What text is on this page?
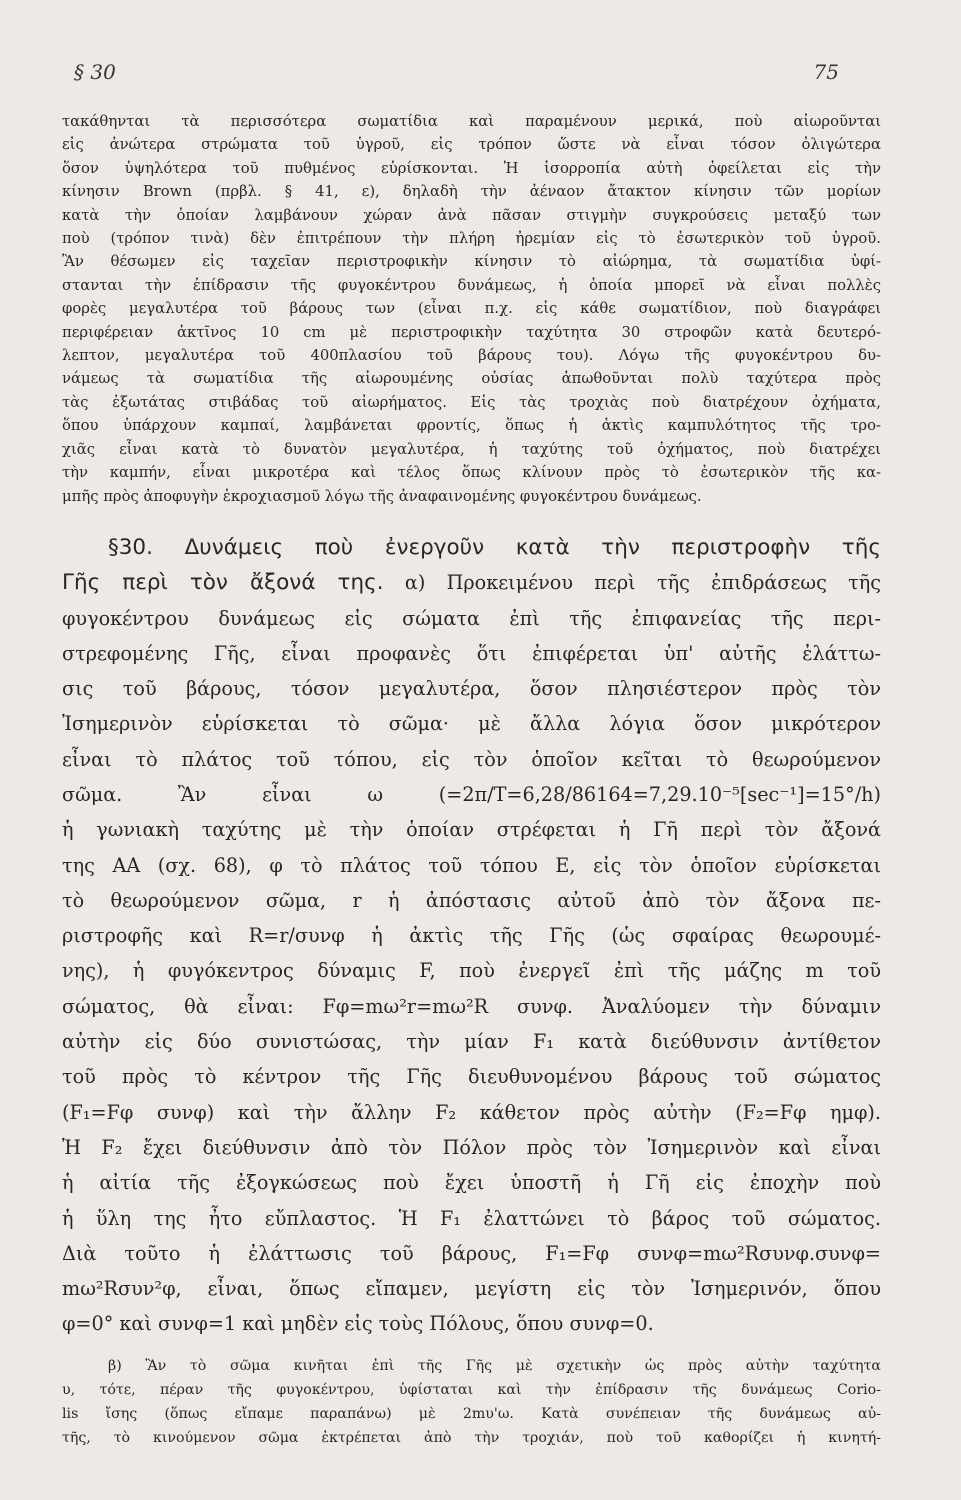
§ 30	75
τακάθηνται τὰ περισσότερα σωματίδια καὶ παραμένουν μερικά, ποὺ αἰωροῦνται
εἰς ἀνώτερα στρώματα τοῦ ὑγροῦ, εἰς τρόπον ὥστε νὰ εἶναι τόσον ὀλιγώτερα
ὅσον ὑψηλότερα τοῦ πυθμένος εὑρίσκονται. Ἡ ἰσορροπία αὐτὴ ὀφείλεται εἰς τὴν
κίνησιν Brown (πρβλ. § 41, ε), δηλαδὴ τὴν ἀέναον ἄτακτον κίνησιν τῶν μορίων
κατὰ τὴν ὁποίαν λαμβάνουν χώραν ἀνὰ πᾶσαν στιγμὴν συγκρούσεις μεταξύ των
ποὺ (τρόπον τινὰ) δὲν ἐπιτρέπουν τὴν πλήρη ἠρεμίαν εἰς τὸ ἐσωτερικὸν τοῦ ὑγροῦ.
Ἂν θέσωμεν εἰς ταχεῖαν περιστροφικὴν κίνησιν τὸ αἰώρημα, τὰ σωματίδια ὑφί-
στανται τὴν ἐπίδρασιν τῆς φυγοκέντρου δυνάμεως, ἡ ὁποία μπορεῖ νὰ εἶναι πολλὲς
φορὲς μεγαλυτέρα τοῦ βάρους των (εἶναι π.χ. εἰς κάθε σωματίδιον, ποὺ διαγράφει
περιφέρειαν ἀκτῖνος 10 cm μὲ περιστροφικὴν ταχύτητα 30 στροφῶν κατὰ δευτερό-
λεπτον, μεγαλυτέρα τοῦ 400πλασίου τοῦ βάρους του). Λόγω τῆς φυγοκέντρου δυ-
νάμεως τὰ σωματίδια τῆς αἰωρουμένης οὐσίας ἀπωθοῦνται πολὺ ταχύτερα πρὸς
τὰς ἐξωτάτας στιβάδας τοῦ αἰωρήματος. Εἰς τὰς τροχιὰς ποὺ διατρέχουν ὀχήματα,
ὅπου ὑπάρχουν καμπαί, λαμβάνεται φροντίς, ὅπως ἡ ἀκτὶς καμπυλότητος τῆς τρο-
χιᾶς εἶναι κατὰ τὸ δυνατὸν μεγαλυτέρα, ἡ ταχύτης τοῦ ὀχήματος, ποὺ διατρέχει
τὴν καμπήν, εἶναι μικροτέρα καὶ τέλος ὅπως κλίνουν πρὸς τὸ ἐσωτερικὸν τῆς κα-
μπῆς πρὸς ἀποφυγὴν ἐκροχιασμοῦ λόγω τῆς ἀναφαινομένης φυγοκέντρου δυνάμεως.
§30. Δυνάμεις ποὺ ἐνεργοῦν κατὰ τὴν περιστροφὴν τῆς
Γῆς περὶ τὸν ἄξονά της. α) Προκειμένου περὶ τῆς ἐπιδράσεως τῆς
φυγοκέντρου δυνάμεως εἰς σώματα ἐπὶ τῆς ἐπιφανείας τῆς περι-
στρεφομένης Γῆς, εἶναι προφανὲς ὅτι ἐπιφέρεται ὑπ' αὐτῆς ἐλάττω-
σις τοῦ βάρους, τόσον μεγαλυτέρα, ὅσον πλησιέστερον πρὸς τὸν
Ἰσημερινὸν εὑρίσκεται τὸ σῶμα· μὲ ἄλλα λόγια ὅσον μικρότερον
εἶναι τὸ πλάτος τοῦ τόπου, εἰς τὸν ὁποῖον κεῖται τὸ θεωρούμενον
σῶμα. Ἂν εἶναι ω (=2π/T=6,28/86164=7,29.10⁻⁵[sec⁻¹]=15°/h)
ἡ γωνιακὴ ταχύτης μὲ τὴν ὁποίαν στρέφεται ἡ Γῆ περὶ τὸν ἄξονά
της ΑΑ (σχ. 68), φ τὸ πλάτος τοῦ τόπου Ε, εἰς τὸν ὁποῖον εὑρίσκεται
τὸ θεωρούμενον σῶμα, r ἡ ἀπόστασις αὐτοῦ ἀπὸ τὸν ἄξονα πε-
ριστροφῆς καὶ R=r/συνφ ἡ ἀκτὶς τῆς Γῆς (ὡς σφαίρας θεωρουμέ-
νης), ἡ φυγόκεντρος δύναμις F, ποὺ ἐνεργεῖ ἐπὶ τῆς μάζης m τοῦ
σώματος, θὰ εἶναι: Fφ=mω²r=mω²R συνφ. Ἀναλύομεν τὴν δύναμιν
αὐτὴν εἰς δύο συνιστώσας, τὴν μίαν F₁ κατὰ διεύθυνσιν ἀντίθετον
τοῦ πρὸς τὸ κέντρον τῆς Γῆς διευθυνομένου βάρους τοῦ σώματος
(F₁=Fφ συνφ) καὶ τὴν ἄλλην F₂ κάθετον πρὸς αὐτὴν (F₂=Fφ ημφ).
Ἡ F₂ ἔχει διεύθυνσιν ἀπὸ τὸν Πόλον πρὸς τὸν Ἰσημερινὸν καὶ εἶναι
ἡ αἰτία τῆς ἐξογκώσεως ποὺ ἔχει ὑποστῆ ἡ Γῆ εἰς ἐποχὴν ποὺ
ἡ ὕλη της ἦτο εὔπλαστος. Ἡ F₁ ἐλαττώνει τὸ βάρος τοῦ σώματος.
Διὰ τοῦτο ἡ ἐλάττωσις τοῦ βάρους, F₁=Fφ συνφ=mω²Rσυνφ.συνφ=
mω²Rσυν²φ, εἶναι, ὅπως εἴπαμεν, μεγίστη εἰς τὸν Ἰσημερινόν, ὅπου
φ=0° καὶ συνφ=1 καὶ μηδὲν εἰς τοὺς Πόλους, ὅπου συνφ=0.
β) Ἂν τὸ σῶμα κινῆται ἐπὶ τῆς Γῆς μὲ σχετικὴν ὡς πρὸς αὐτὴν ταχύτητα
υ, τότε, πέραν τῆς φυγοκέντρου, ὑφίσταται καὶ τὴν ἐπίδρασιν τῆς δυνάμεως Corio-
lis ἴσης (ὅπως εἴπαμε παραπάνω) μὲ 2mυ'ω. Κατὰ συνέπειαν τῆς δυνάμεως αὐ-
τῆς, τὸ κινούμενον σῶμα ἐκτρέπεται ἀπὸ τὴν τροχιάν, ποὺ τοῦ καθορίζει ἡ κινητή-
